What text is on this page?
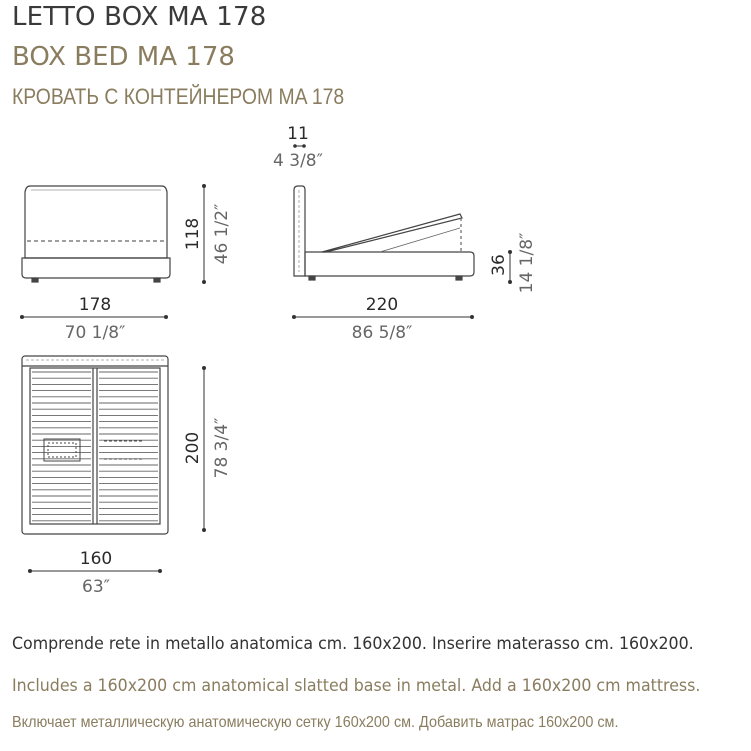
LETTO BOX MA 178
BOX BED MA 178
КРОВАТЬ С КОНТЕЙНЕРОМ MA 178
178
70 1/8″
118 46 1/2″
11
4 3/8″
220
86 5/8″
36 14 1/8″
160
63″
200 78 3/4″

Comprende rete in metallo anatomica cm. 160x200. Inserire materasso cm. 160x200.

Includes a 160x200 cm anatomical slatted base in metal. Add a 160x200 cm mattress.

Включает металлическую анатомическую сетку 160x200 см. Добавить матрас 160x200 см.
